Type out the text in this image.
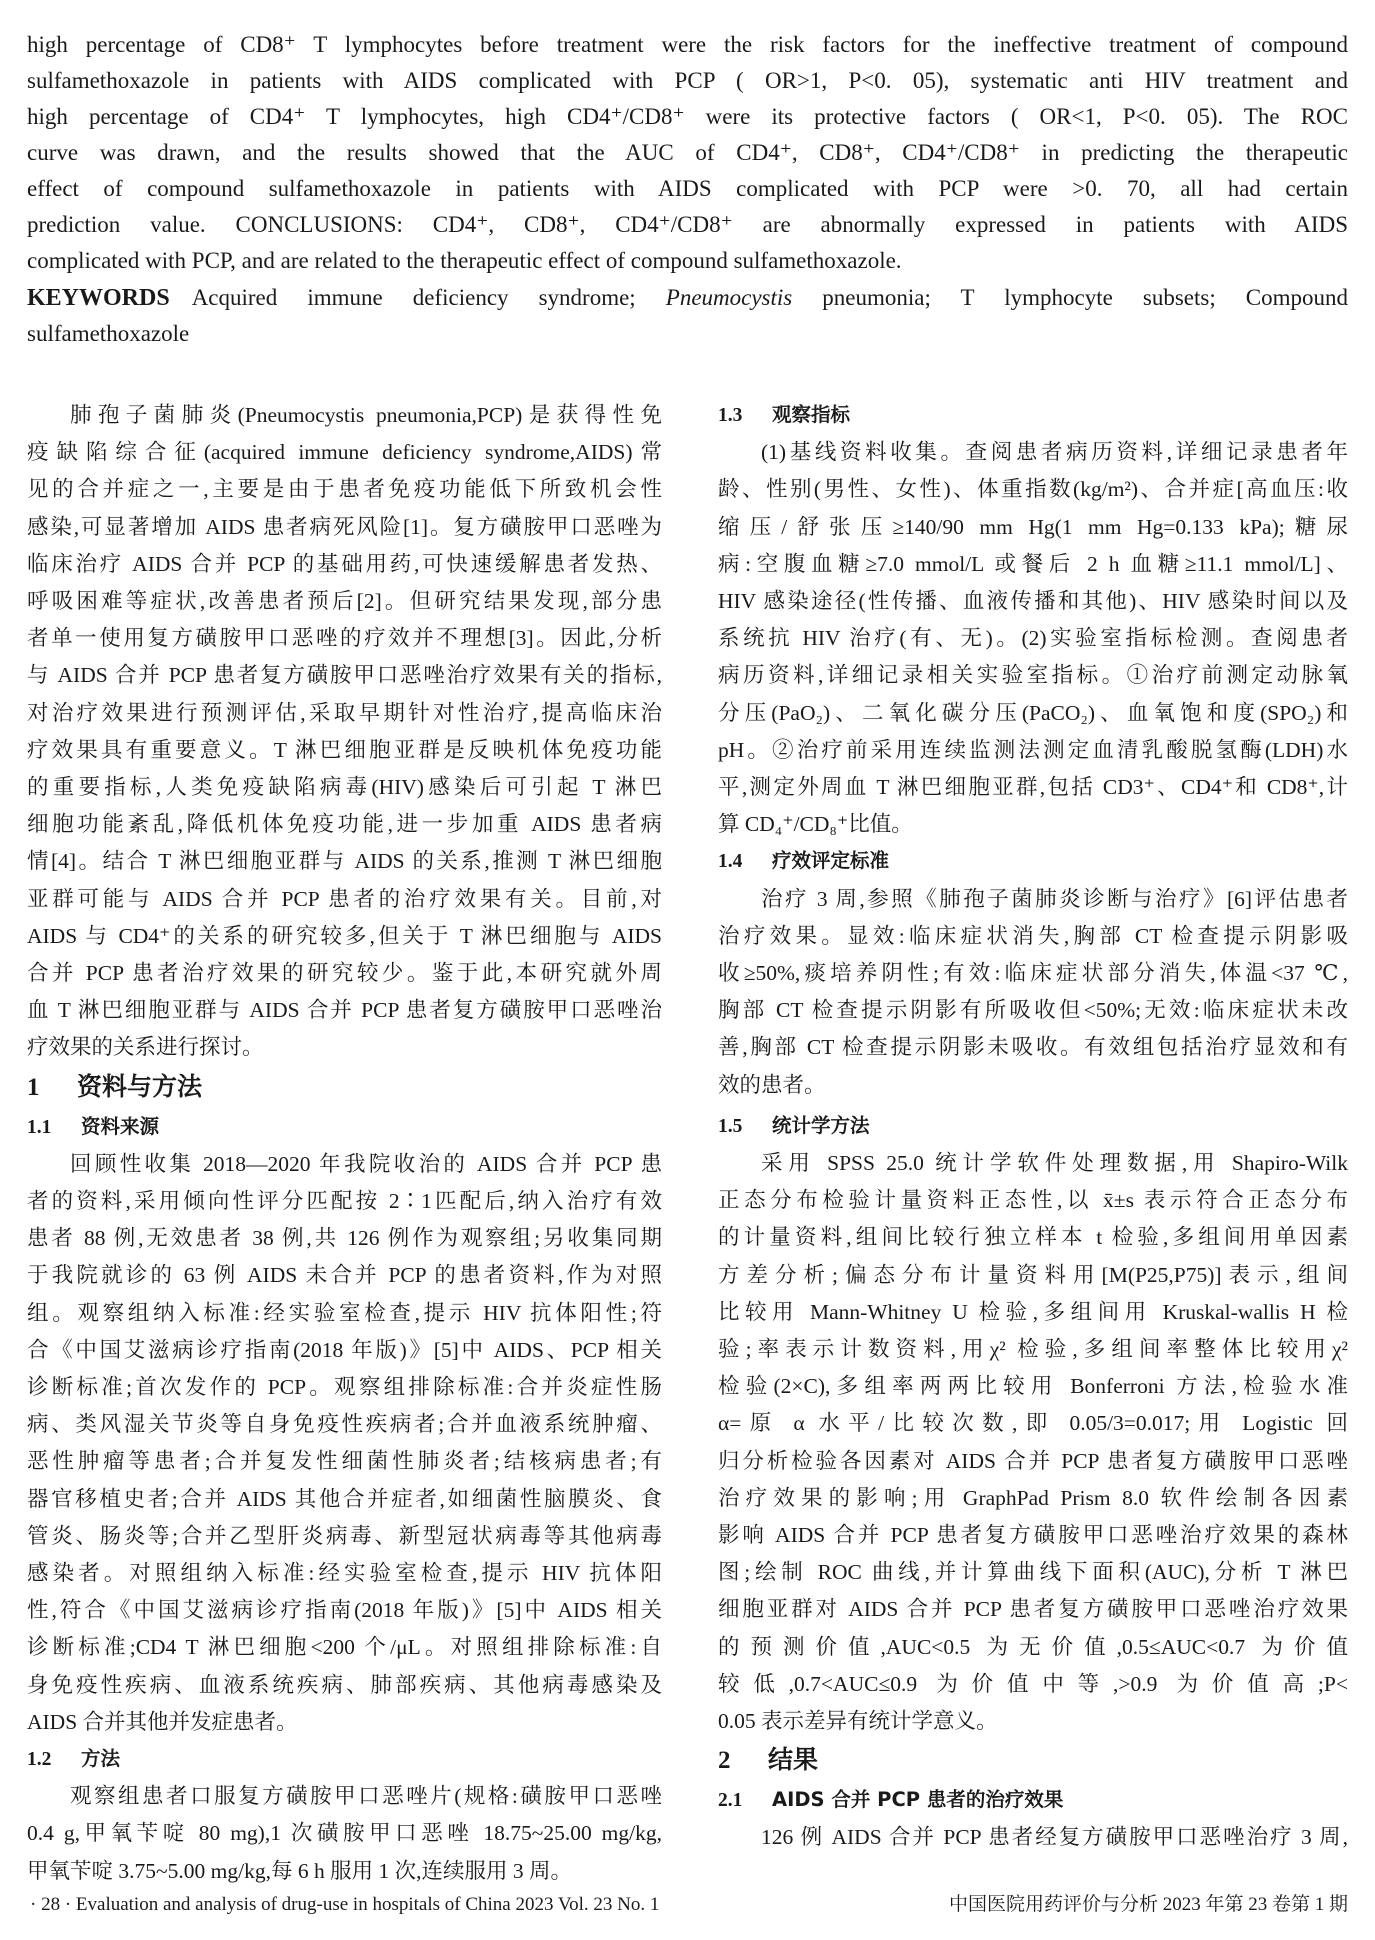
high percentage of CD8⁺ T lymphocytes before treatment were the risk factors for the ineffective treatment of compound
sulfamethoxazole in patients with AIDS complicated with PCP ( OR>1, P<0. 05), systematic anti HIV treatment and
high percentage of CD4⁺ T lymphocytes, high CD4⁺/CD8⁺ were its protective factors ( OR<1, P<0. 05). The ROC
curve was drawn, and the results showed that the AUC of CD4⁺, CD8⁺, CD4⁺/CD8⁺ in predicting the therapeutic
effect of compound sulfamethoxazole in patients with AIDS complicated with PCP were >0. 70, all had certain
prediction value. CONCLUSIONS: CD4⁺, CD8⁺, CD4⁺/CD8⁺ are abnormally expressed in patients with AIDS
complicated with PCP, and are related to the therapeutic effect of compound sulfamethoxazole.
KEYWORDS Acquired immune deficiency syndrome; Pneumocystis pneumonia; T lymphocyte subsets; Compound
sulfamethoxazole
肺孢子菌肺炎(Pneumocystis pneumonia,PCP)是获得性免
疫缺陷综合征(acquired immune deficiency syndrome,AIDS)常
见的合并症之一,主要是由于患者免疫功能低下所致机会性
感染,可显著增加 AIDS 患者病死风险[1]。复方磺胺甲口恶唑为
临床治疗 AIDS 合并 PCP 的基础用药,可快速缓解患者发热、
呼吸困难等症状,改善患者预后[2]。但研究结果发现,部分患
者单一使用复方磺胺甲口恶唑的疗效并不理想[3]。因此,分析
与 AIDS 合并 PCP 患者复方磺胺甲口恶唑治疗效果有关的指标,
对治疗效果进行预测评估,采取早期针对性治疗,提高临床治
疗效果具有重要意义。T 淋巴细胞亚群是反映机体免疫功能
的重要指标,人类免疫缺陷病毒(HIV)感染后可引起 T 淋巴
细胞功能紊乱,降低机体免疫功能,进一步加重 AIDS 患者病
情[4]。结合 T 淋巴细胞亚群与 AIDS 的关系,推测 T 淋巴细胞
亚群可能与 AIDS 合并 PCP 患者的治疗效果有关。目前,对
AIDS 与 CD4⁺的关系的研究较多,但关于 T 淋巴细胞与 AIDS
合并 PCP 患者治疗效果的研究较少。鉴于此,本研究就外周
血 T 淋巴细胞亚群与 AIDS 合并 PCP 患者复方磺胺甲口恶唑治
疗效果的关系进行探讨。
1 资料与方法
1.1 资料来源
回顾性收集 2018—2020 年我院收治的 AIDS 合并 PCP 患
者的资料,采用倾向性评分匹配按 2∶1匹配后,纳入治疗有效
患者 88 例,无效患者 38 例,共 126 例作为观察组;另收集同期
于我院就诊的 63 例 AIDS 未合并 PCP 的患者资料,作为对照
组。观察组纳入标准:经实验室检查,提示 HIV 抗体阳性;符
合《中国艾滋病诊疗指南(2018 年版)》[5]中 AIDS、PCP 相关
诊断标准;首次发作的 PCP。观察组排除标准:合并炎症性肠
病、类风湿关节炎等自身免疫性疾病者;合并血液系统肿瘤、
恶性肿瘤等患者;合并复发性细菌性肺炎者;结核病患者;有
器官移植史者;合并 AIDS 其他合并症者,如细菌性脑膜炎、食
管炎、肠炎等;合并乙型肝炎病毒、新型冠状病毒等其他病毒
感染者。对照组纳入标准:经实验室检查,提示 HIV 抗体阳
性,符合《中国艾滋病诊疗指南(2018 年版)》[5]中 AIDS 相关
诊断标准;CD4 T 淋巴细胞<200 个/μL。对照组排除标准:自
身免疫性疾病、血液系统疾病、肺部疾病、其他病毒感染及
AIDS 合并其他并发症患者。
1.2 方法
观察组患者口服复方磺胺甲口恶唑片(规格:磺胺甲口恶唑
0.4 g,甲氧苄啶 80 mg),1 次磺胺甲口恶唑 18.75~25.00 mg/kg,
甲氧苄啶 3.75~5.00 mg/kg,每 6 h 服用 1 次,连续服用 3 周。
1.3 观察指标
(1)基线资料收集。查阅患者病历资料,详细记录患者年
龄、性别(男性、女性)、体重指数(kg/m²)、合并症[高血压:收
缩压/舒张压≥140/90 mm Hg(1 mm Hg=0.133 kPa);糖尿
病:空腹血糖≥7.0 mmol/L 或餐后 2 h 血糖≥11.1 mmol/L]、
HIV 感染途径(性传播、血液传播和其他)、HIV 感染时间以及
系统抗 HIV 治疗(有、无)。(2)实验室指标检测。查阅患者
病历资料,详细记录相关实验室指标。①治疗前测定动脉氧
分压(PaO₂)、二氧化碳分压(PaCO₂)、血氧饱和度(SPO₂)和
pH。②治疗前采用连续监测法测定血清乳酸脱氢酶(LDH)水
平,测定外周血 T 淋巴细胞亚群,包括 CD3⁺、CD4⁺和 CD8⁺,计
算 CD₄⁺/CD₈⁺比值。
1.4 疗效评定标准
治疗 3 周,参照《肺孢子菌肺炎诊断与治疗》[6]评估患者
治疗效果。显效:临床症状消失,胸部 CT 检查提示阴影吸
收≥50%,痰培养阴性;有效:临床症状部分消失,体温<37 ℃,
胸部 CT 检查提示阴影有所吸收但<50%;无效:临床症状未改
善,胸部 CT 检查提示阴影未吸收。有效组包括治疗显效和有
效的患者。
1.5 统计学方法
采用 SPSS 25.0 统计学软件处理数据,用 Shapiro-Wilk
正态分布检验计量资料正态性,以 x̄±s 表示符合正态分布
的计量资料,组间比较行独立样本 t 检验,多组间用单因素
方差分析;偏态分布计量资料用[M(P25,P75)]表示,组间
比较用 Mann-Whitney U 检验,多组间用 Kruskal-wallis H 检
验;率表示计数资料,用χ² 检验,多组间率整体比较用χ²
检验(2×C),多组率两两比较用 Bonferroni 方法,检验水准
α=原 α 水平/比较次数,即 0.05/3=0.017;用 Logistic 回
归分析检验各因素对 AIDS 合并 PCP 患者复方磺胺甲口恶唑
治疗效果的影响;用 GraphPad Prism 8.0 软件绘制各因素
影响 AIDS 合并 PCP 患者复方磺胺甲口恶唑治疗效果的森林
图;绘制 ROC 曲线,并计算曲线下面积(AUC),分析 T 淋巴
细胞亚群对 AIDS 合并 PCP 患者复方磺胺甲口恶唑治疗效果
的预测价值,AUC<0.5 为无价值,0.5≤AUC<0.7 为价值
较低,0.7<AUC≤0.9 为价值中等,>0.9 为价值高;P<
0.05 表示差异有统计学意义。
2 结果
2.1 AIDS 合并 PCP 患者的治疗效果
126 例 AIDS 合并 PCP 患者经复方磺胺甲口恶唑治疗 3 周,
· 28 · Evaluation and analysis of drug-use in hospitals of China 2023 Vol. 23 No. 1	中国医院用药评价与分析 2023 年第 23 卷第 1 期
